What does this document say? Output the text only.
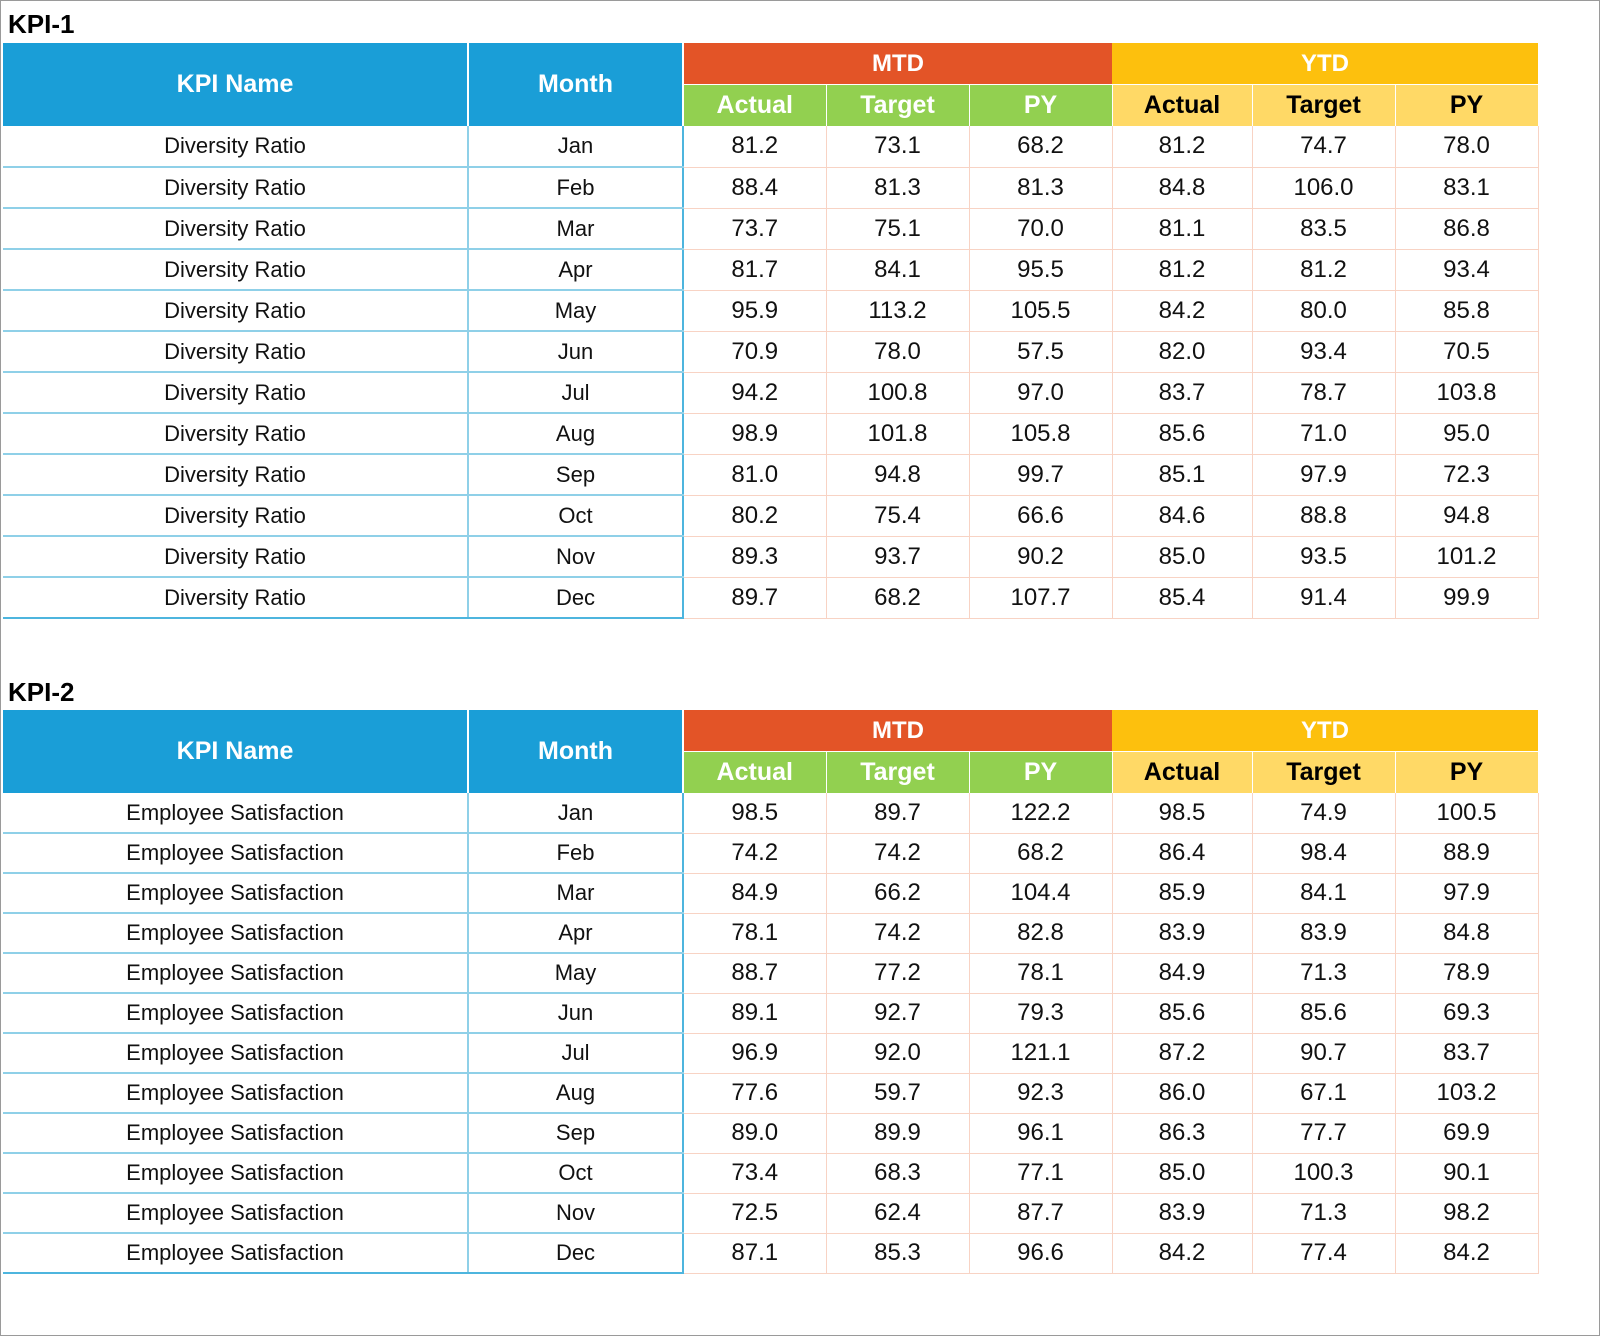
KPI-1
KPI Name	Month	MTD			YTD		
		Actual	Target	PY	Actual	Target	PY
Diversity Ratio	Jan	81.2	73.1	68.2	81.2	74.7	78.0
Diversity Ratio	Feb	88.4	81.3	81.3	84.8	106.0	83.1
Diversity Ratio	Mar	73.7	75.1	70.0	81.1	83.5	86.8
Diversity Ratio	Apr	81.7	84.1	95.5	81.2	81.2	93.4
Diversity Ratio	May	95.9	113.2	105.5	84.2	80.0	85.8
Diversity Ratio	Jun	70.9	78.0	57.5	82.0	93.4	70.5
Diversity Ratio	Jul	94.2	100.8	97.0	83.7	78.7	103.8
Diversity Ratio	Aug	98.9	101.8	105.8	85.6	71.0	95.0
Diversity Ratio	Sep	81.0	94.8	99.7	85.1	97.9	72.3
Diversity Ratio	Oct	80.2	75.4	66.6	84.6	88.8	94.8
Diversity Ratio	Nov	89.3	93.7	90.2	85.0	93.5	101.2
Diversity Ratio	Dec	89.7	68.2	107.7	85.4	91.4	99.9
KPI-2
KPI Name	Month	MTD			YTD		
		Actual	Target	PY	Actual	Target	PY
Employee Satisfaction	Jan	98.5	89.7	122.2	98.5	74.9	100.5
Employee Satisfaction	Feb	74.2	74.2	68.2	86.4	98.4	88.9
Employee Satisfaction	Mar	84.9	66.2	104.4	85.9	84.1	97.9
Employee Satisfaction	Apr	78.1	74.2	82.8	83.9	83.9	84.8
Employee Satisfaction	May	88.7	77.2	78.1	84.9	71.3	78.9
Employee Satisfaction	Jun	89.1	92.7	79.3	85.6	85.6	69.3
Employee Satisfaction	Jul	96.9	92.0	121.1	87.2	90.7	83.7
Employee Satisfaction	Aug	77.6	59.7	92.3	86.0	67.1	103.2
Employee Satisfaction	Sep	89.0	89.9	96.1	86.3	77.7	69.9
Employee Satisfaction	Oct	73.4	68.3	77.1	85.0	100.3	90.1
Employee Satisfaction	Nov	72.5	62.4	87.7	83.9	71.3	98.2
Employee Satisfaction	Dec	87.1	85.3	96.6	84.2	77.4	84.2
